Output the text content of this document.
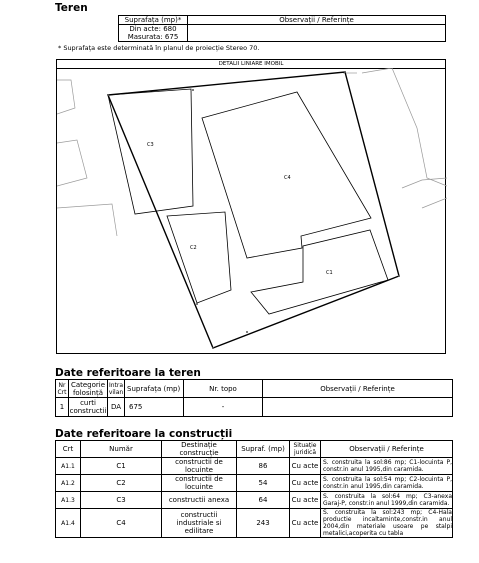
Teren
Suprafața (mp)*	Observații / Referințe

Din acte: 680
Masurata: 675	

* Suprafața este determinată în planul de proiecție Stereo 70.
DETALII LINIARE IMOBIL
C3
C2
C4
C1
Date referitoare la teren
Nr Crt	Categorie folosință	Intra vilan	Suprafața (mp)	Nr. topo	Observații / Referințe
1	curti constructii	DA	675	-	
Date referitoare la construcții
Crt	Număr	Destinație construcție	Supraf. (mp)	Situație juridică	Observații / Referințe
A1.1	C1	constructii de locuinte	86	Cu acte	S. construita la sol:86 mp; C1-locuinta P, constr.in anul 1995,din caramida.
A1.2	C2	constructii de locuinte	54	Cu acte	S. construita la sol:54 mp; C2-locuinta P, constr.in anul 1995,din caramida.
A1.3	C3	constructii anexa	64	Cu acte	S. construita la sol:64 mp; C3-anexa Garaj-P, constr.in anul 1999,din caramida.
A1.4	C4	constructii industriale si edilitare	243	Cu acte	S. construita la sol:243 mp; C4-Hala productie incaltaminte,constr.in anul 2004,din materiale usoare pe stalpi metalici,acoperita cu tabla
